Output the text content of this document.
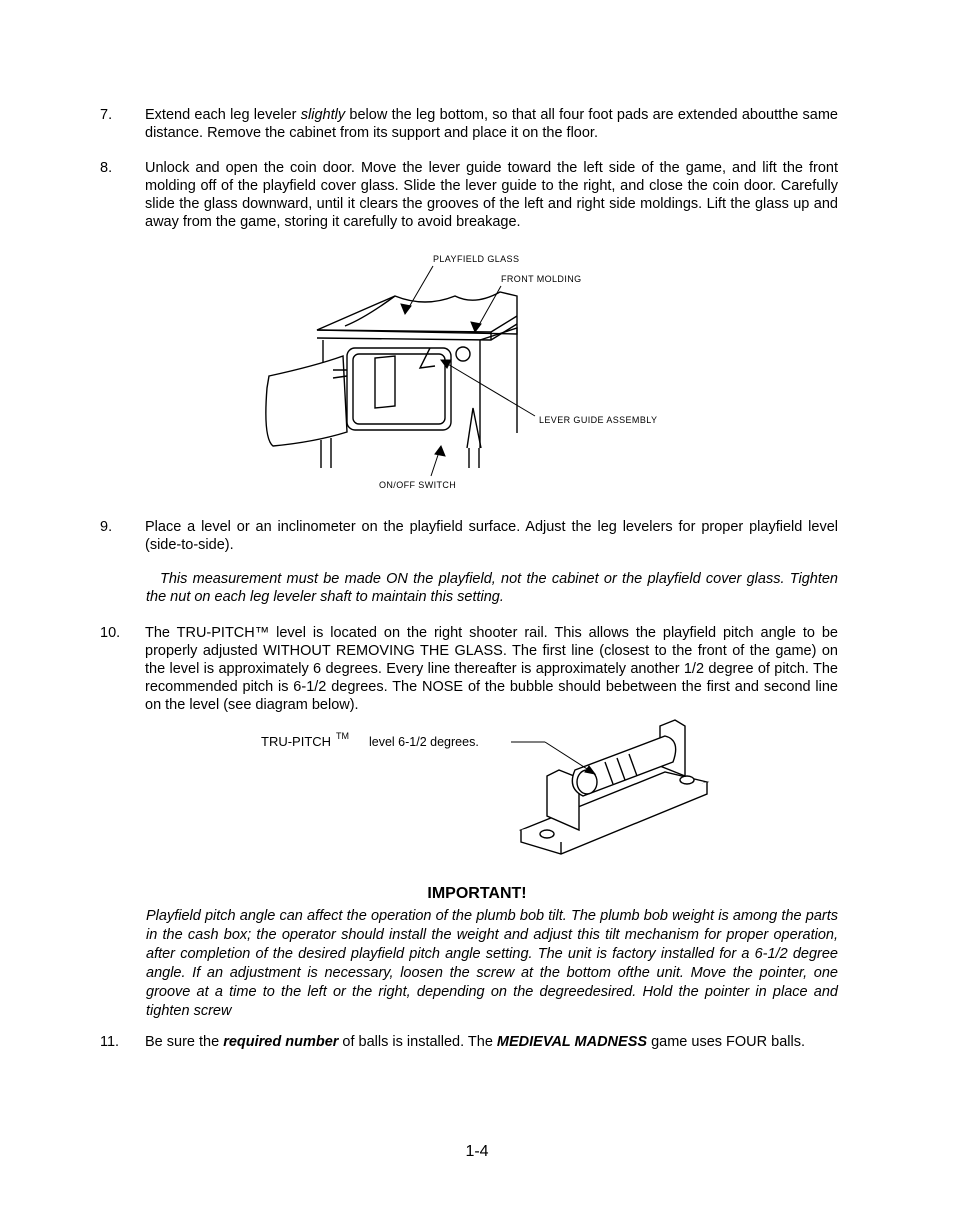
7.	Extend each leg leveler slightly below the leg bottom, so that all four foot pads are extended aboutthe same distance. Remove the cabinet from its support and place it on the floor.
8.	Unlock and open the coin door. Move the lever guide toward the left side of the game, and lift the front molding off of the playfield cover glass. Slide the lever guide to the right, and close the coin door. Carefully slide the glass downward, until it clears the grooves of the left and right side moldings. Lift the glass up and away from the game, storing it carefully to avoid breakage.

PLAYFIELD GLASS
FRONT MOLDING
LEVER GUIDE ASSEMBLY
ON/OFF SWITCH
9.	Place a level or an inclinometer on the playfield surface. Adjust the leg levelers for proper playfield level (side-to-side).

This measurement must be made ON the playfield, not the cabinet or the playfield cover glass. Tighten the nut on each leg leveler shaft to maintain this setting.
10.	The TRU-PITCH™ level is located on the right shooter rail. This allows the playfield pitch angle to be properly adjusted WITHOUT REMOVING THE GLASS. The first line (closest to the front of the game) on the level is approximately 6 degrees. Every line thereafter is approximately another 1/2 degree of pitch. The recommended pitch is 6-1/2 degrees. The NOSE of the bubble should bebetween the first and second line on the level (see diagram below).

TRU-PITCH TM level 6-1/2 degrees.
IMPORTANT!

Playfield pitch angle can affect the operation of the plumb bob tilt. The plumb bob weight is among the parts in the cash box; the operator should install the weight and adjust this tilt mechanism for proper operation, after completion of the desired playfield pitch angle setting. The unit is factory installed for a 6-1/2 degree angle. If an adjustment is necessary, loosen the screw at the bottom ofthe unit. Move the pointer, one groove at a time to the left or the right, depending on the degreedesired. Hold the pointer in place and tighten screw

11.	Be sure the required number of balls is installed. The MEDIEVAL MADNESS game uses FOUR balls.
1-4
